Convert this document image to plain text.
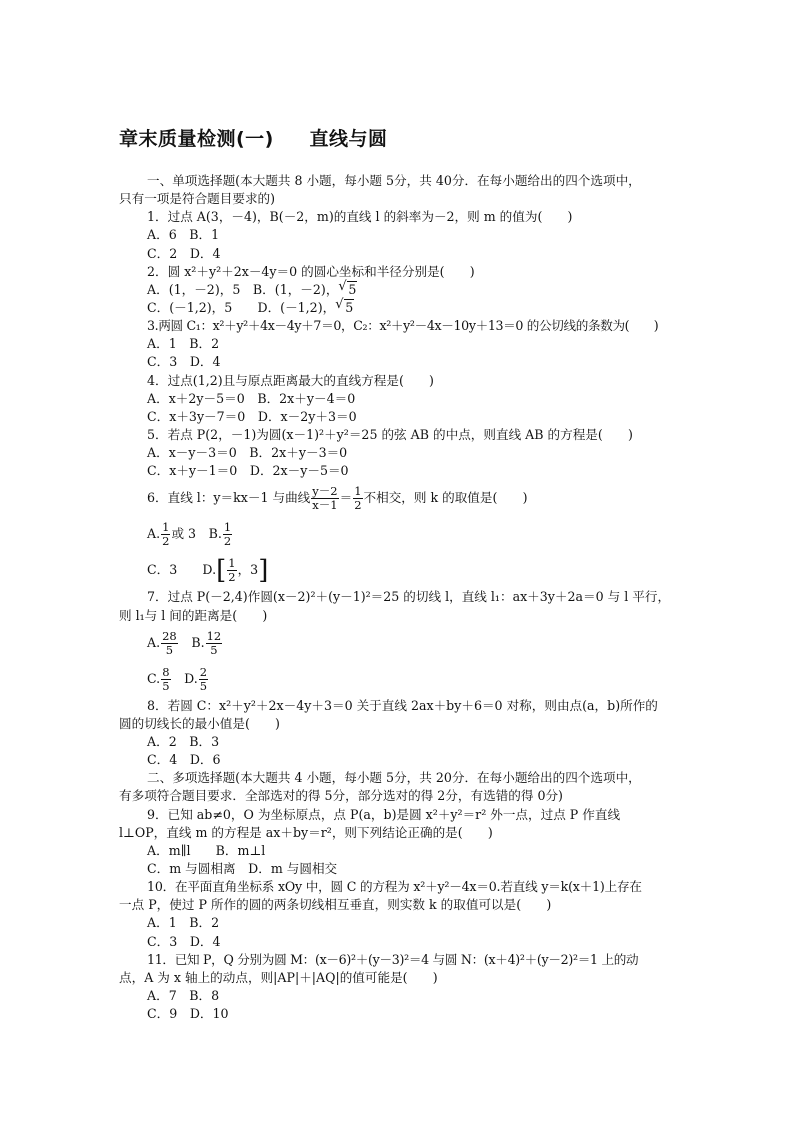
章末质量检测(一)     直线与圆
一、单项选择题(本大题共 8 小题，每小题 5分，共 40分．在每小题给出的四个选项中，
只有一项是符合题目要求的)
1．过点 A(3，－4)，B(－2，m)的直线 l 的斜率为－2，则 m 的值为(　　)
A．6　B．1
C．2　D．4
2．圆 x²＋y²＋2x－4y＝0 的圆心坐标和半径分别是(　　)
A．(1，－2)，5　B．(1，－2)， √ 5
C．(－1,2)，5　　D．(－1,2)， √ 5
3.两圆 C₁：x²＋y²＋4x－4y＋7＝0，C₂：x²＋y²－4x－10y＋13＝0 的公切线的条数为(　　)
A．1　B．2
C．3　D．4
4．过点(1,2)且与原点距离最大的直线方程是(　　)
A．x＋2y－5＝0　B．2x＋y－4＝0
C．x＋3y－7＝0　D．x－2y＋3＝0
5．若点 P(2，－1)为圆(x－1)²＋y²＝25 的弦 AB 的中点，则直线 AB 的方程是(　　)
A．x－y－3＝0　B．2x＋y－3＝0
C．x＋y－1＝0　D．2x－y－5＝0
6．直线 l：y＝kx－1 与曲线 $\frac{y-2}{x-1} = \frac{1}{2}$ 不相交，则 k 的取值是(　　)
A. $\frac{1}{2}$ 或 3　B. $\frac{1}{2}$
C．3　　$D.[ \frac{1}{2}$ ，3]
7．过点 P(－2,4)作圆(x－2)²＋(y－1)²＝25 的切线 l，直线 l₁：ax＋3y＋2a＝0 与 l 平行，
则 l₁与 l 间的距离是(　　)
A. $\frac{28}{5}$ 　B. $\frac{12}{5}$
C. $\frac{8}{5}$ 　D. $\frac{2}{5}$
8．若圆 C：x²＋y²＋2x－4y＋3＝0 关于直线 2ax＋by＋6＝0 对称，则由点(a，b)所作的
圆的切线长的最小值是(　　)
A．2　B．3
C．4　D．6
二、多项选择题(本大题共 4 小题，每小题 5分，共 20分．在每小题给出的四个选项中，
有多项符合题目要求．全部选对的得 5分，部分选对的得 2分，有选错的得 0分)
9．已知 ab≠0，O 为坐标原点，点 P(a，b)是圆 x²＋y²＝r² 外一点，过点 P 作直线
l⊥OP，直线 m 的方程是 ax＋by＝r²，则下列结论正确的是(　　)
A．m∥l　　B．m⊥l
C．m 与圆相离　D．m 与圆相交
10．在平面直角坐标系 xOy 中，圆 C 的方程为 x²＋y²－4x＝0.若直线 y＝k(x＋1)上存在
一点 P，使过 P 所作的圆的两条切线相互垂直，则实数 k 的取值可以是(　　)
A．1　B．2
C．3　D．4
11．已知 P，Q 分别为圆 M：(x－6)²＋(y－3)²＝4 与圆 N：(x＋4)²＋(y－2)²＝1 上的动
点，A 为 x 轴上的动点，则|AP|＋|AQ|的值可能是(　　)
A．7　B．8
C．9　D．10
